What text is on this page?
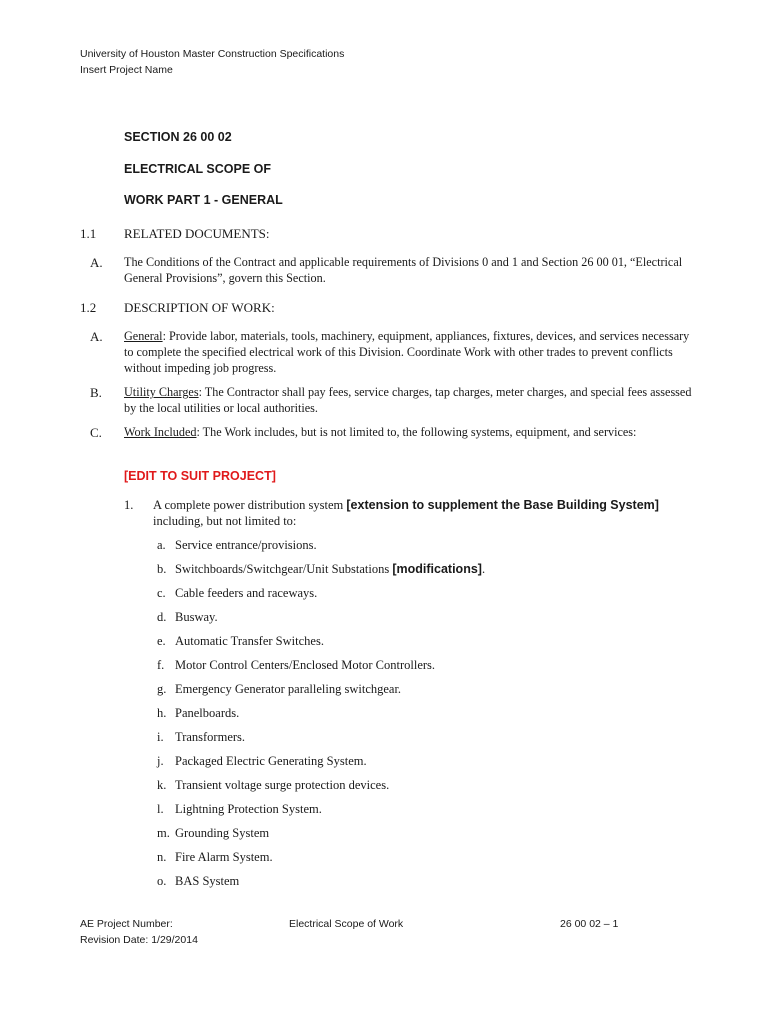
University of Houston Master Construction Specifications
Insert Project Name
SECTION 26 00 02
ELECTRICAL SCOPE OF
WORK PART 1 - GENERAL
1.1 RELATED DOCUMENTS:
A. The Conditions of the Contract and applicable requirements of Divisions 0 and 1 and Section 26 00 01, “Electrical General Provisions”, govern this Section.
1.2 DESCRIPTION OF WORK:
A. General: Provide labor, materials, tools, machinery, equipment, appliances, fixtures, devices, and services necessary to complete the specified electrical work of this Division. Coordinate Work with other trades to prevent conflicts without impeding job progress.
B. Utility Charges: The Contractor shall pay fees, service charges, tap charges, meter charges, and special fees assessed by the local utilities or local authorities.
C. Work Included: The Work includes, but is not limited to, the following systems, equipment, and services:
[EDIT TO SUIT PROJECT]
1. A complete power distribution system [extension to supplement the Base Building System] including, but not limited to:
a. Service entrance/provisions.
b. Switchboards/Switchgear/Unit Substations [modifications].
c. Cable feeders and raceways.
d. Busway.
e. Automatic Transfer Switches.
f. Motor Control Centers/Enclosed Motor Controllers.
g. Emergency Generator paralleling switchgear.
h. Panelboards.
i. Transformers.
j. Packaged Electric Generating System.
k. Transient voltage surge protection devices.
l. Lightning Protection System.
m. Grounding System
n. Fire Alarm System.
o. BAS System
AE Project Number:
Revision Date: 1/29/2014
Electrical Scope of Work	26 00 02 – 1
